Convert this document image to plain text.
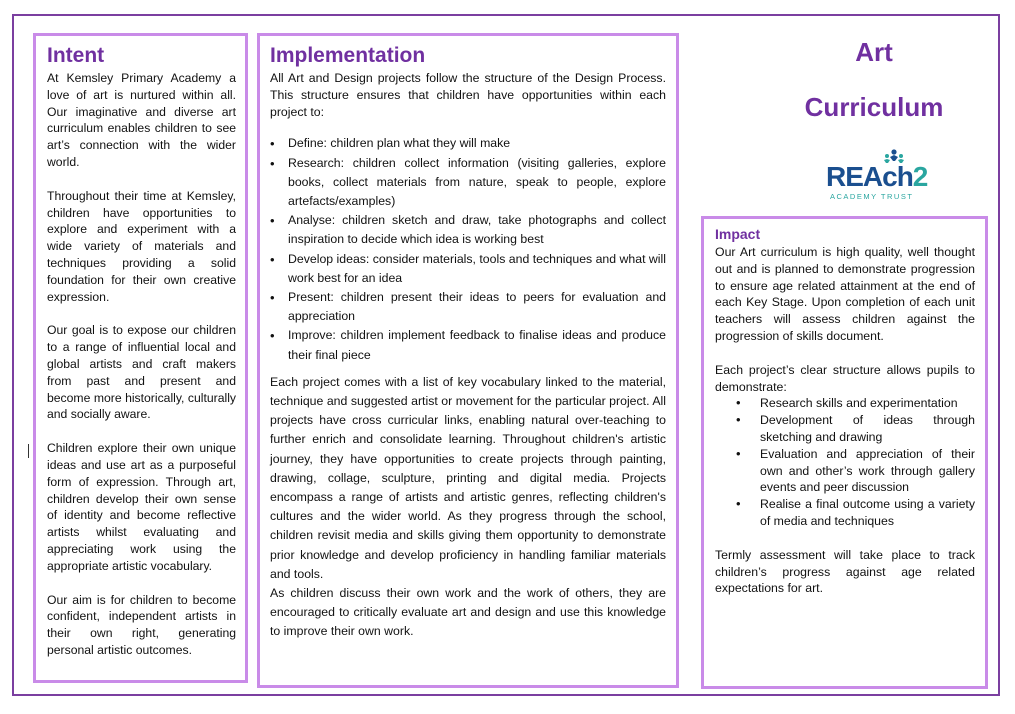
Intent

At Kemsley Primary Academy a love of art is nurtured within all. Our imaginative and diverse art curriculum enables children to see art’s connection with the wider world.

Throughout their time at Kemsley, children have opportunities to explore and experiment with a wide variety of materials and techniques providing a solid foundation for their own creative expression.

Our goal is to expose our children to a range of influential local and global artists and craft makers from past and present and become more historically, culturally and socially aware.

Children explore their own unique ideas and use art as a purposeful form of expression. Through art, children develop their own sense of identity and become reflective artists whilst evaluating and appreciating work using the appropriate artistic vocabulary.

Our aim is for children to become confident, independent artists in their own right, generating personal artistic outcomes.

Implementation

All Art and Design projects follow the structure of the Design Process. This structure ensures that children have opportunities within each project to:

• Define: children plan what they will make
• Research: children collect information (visiting galleries, explore books, collect materials from nature, speak to people, explore artefacts/examples)
• Analyse: children sketch and draw, take photographs and collect inspiration to decide which idea is working best
• Develop ideas: consider materials, tools and techniques and what will work best for an idea
• Present: children present their ideas to peers for evaluation and appreciation
• Improve: children implement feedback to finalise ideas and produce their final piece

Each project comes with a list of key vocabulary linked to the material, technique and suggested artist or movement for the particular project. All projects have cross curricular links, enabling natural over-teaching to further enrich and consolidate learning. Throughout children's artistic journey, they have opportunities to create projects through painting, drawing, collage, sculpture, printing and digital media. Projects encompass a range of artists and artistic genres, reflecting children's cultures and the wider world. As they progress through the school, children revisit media and skills giving them opportunity to demonstrate prior knowledge and develop proficiency in handling familiar materials and tools.

As children discuss their own work and the work of others, they are encouraged to critically evaluate art and design and use this knowledge to improve their own work.

Art
Curriculum
REAch2
ACADEMY TRUST
Impact

Our Art curriculum is high quality, well thought out and is planned to demonstrate progression to ensure age related attainment at the end of each Key Stage. Upon completion of each unit teachers will assess children against the progression of skills document.

Each project’s clear structure allows pupils to demonstrate:

• Research skills and experimentation
• Development of ideas through sketching and drawing
• Evaluation and appreciation of their own and other’s work through gallery events and peer discussion
• Realise a final outcome using a variety of media and techniques

Termly assessment will take place to track children’s progress against age related expectations for art.
